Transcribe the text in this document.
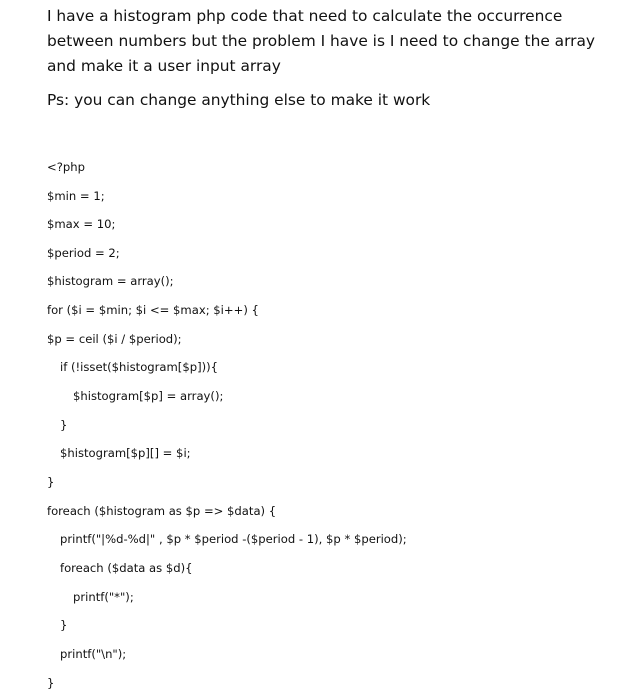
I have a histogram php code that need to calculate the occurrence between numbers but the problem I have is I need to change the array and make it a user input array

Ps: you can change anything else to make it work

<?php
$min = 1;
$max = 10;
$period = 2;
$histogram = array();
for ($i = $min; $i <= $max; $i++) {
$p = ceil ($i / $period);
if (!isset($histogram[$p])){
$histogram[$p] = array();
}
$histogram[$p][] = $i;
}
foreach ($histogram as $p => $data) {
printf("|%d-%d|" , $p * $period -($period - 1), $p * $period);
foreach ($data as $d){
printf("*");
}
printf("\n");
}
